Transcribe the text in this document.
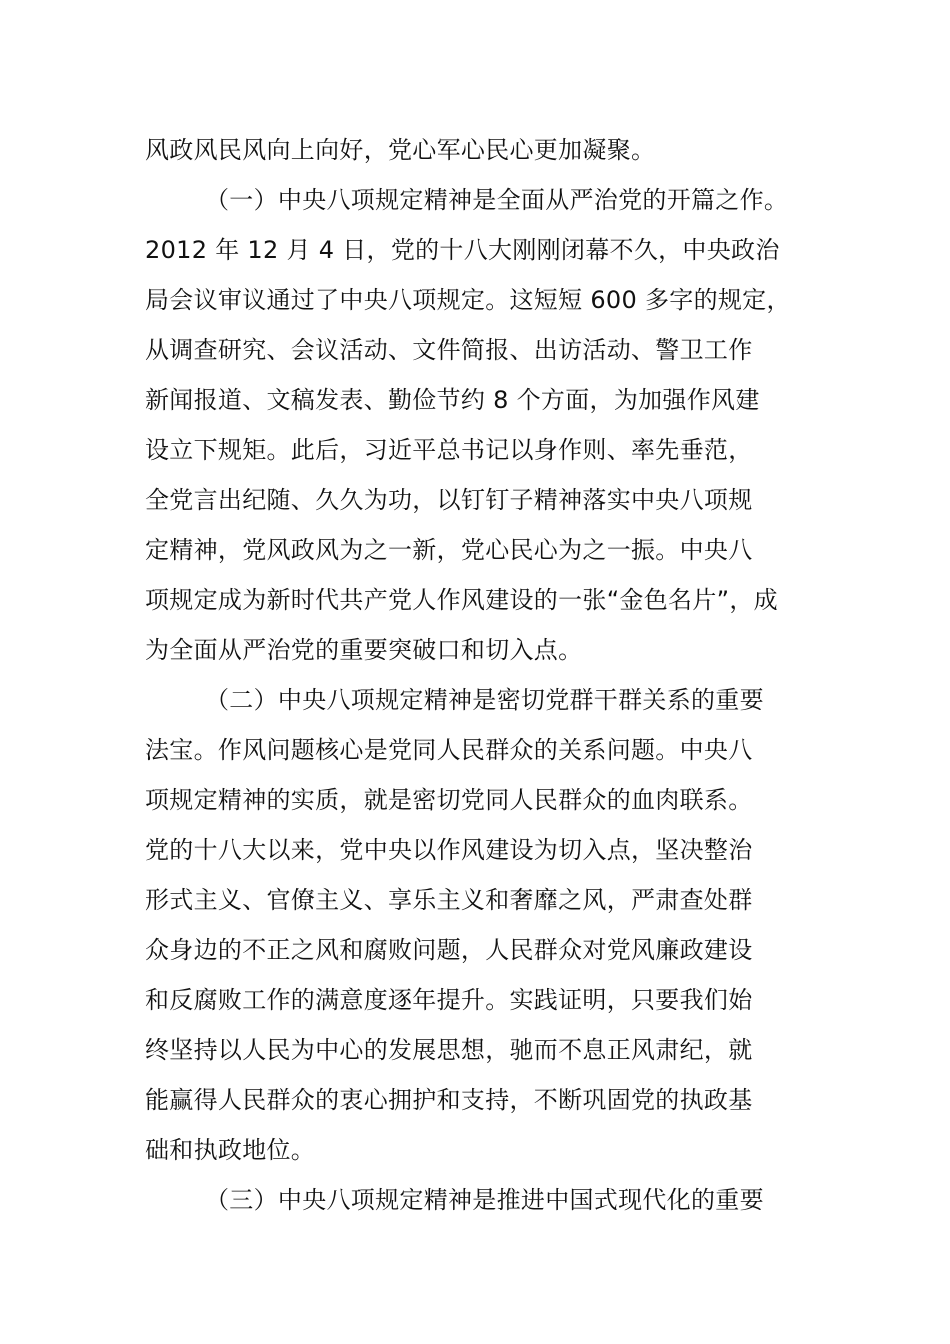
风政风民风向上向好，党心军心民心更加凝聚。
（一）中央八项规定精神是全面从严治党的开篇之作。
2012 年 12 月 4 日，党的十八大刚刚闭幕不久，中央政治
局会议审议通过了中央八项规定。这短短 600 多字的规定，
从调查研究、会议活动、文件简报、出访活动、警卫工作
新闻报道、文稿发表、勤俭节约 8 个方面，为加强作风建
设立下规矩。此后，习近平总书记以身作则、率先垂范，
全党言出纪随、久久为功，以钉钉子精神落实中央八项规
定精神，党风政风为之一新，党心民心为之一振。中央八
项规定成为新时代共产党人作风建设的一张“金色名片”，成
为全面从严治党的重要突破口和切入点。
（二）中央八项规定精神是密切党群干群关系的重要
法宝。作风问题核心是党同人民群众的关系问题。中央八
项规定精神的实质，就是密切党同人民群众的血肉联系。
党的十八大以来，党中央以作风建设为切入点，坚决整治
形式主义、官僚主义、享乐主义和奢靡之风，严肃查处群
众身边的不正之风和腐败问题，人民群众对党风廉政建设
和反腐败工作的满意度逐年提升。实践证明，只要我们始
终坚持以人民为中心的发展思想，驰而不息正风肃纪，就
能赢得人民群众的衷心拥护和支持，不断巩固党的执政基
础和执政地位。
（三）中央八项规定精神是推进中国式现代化的重要
